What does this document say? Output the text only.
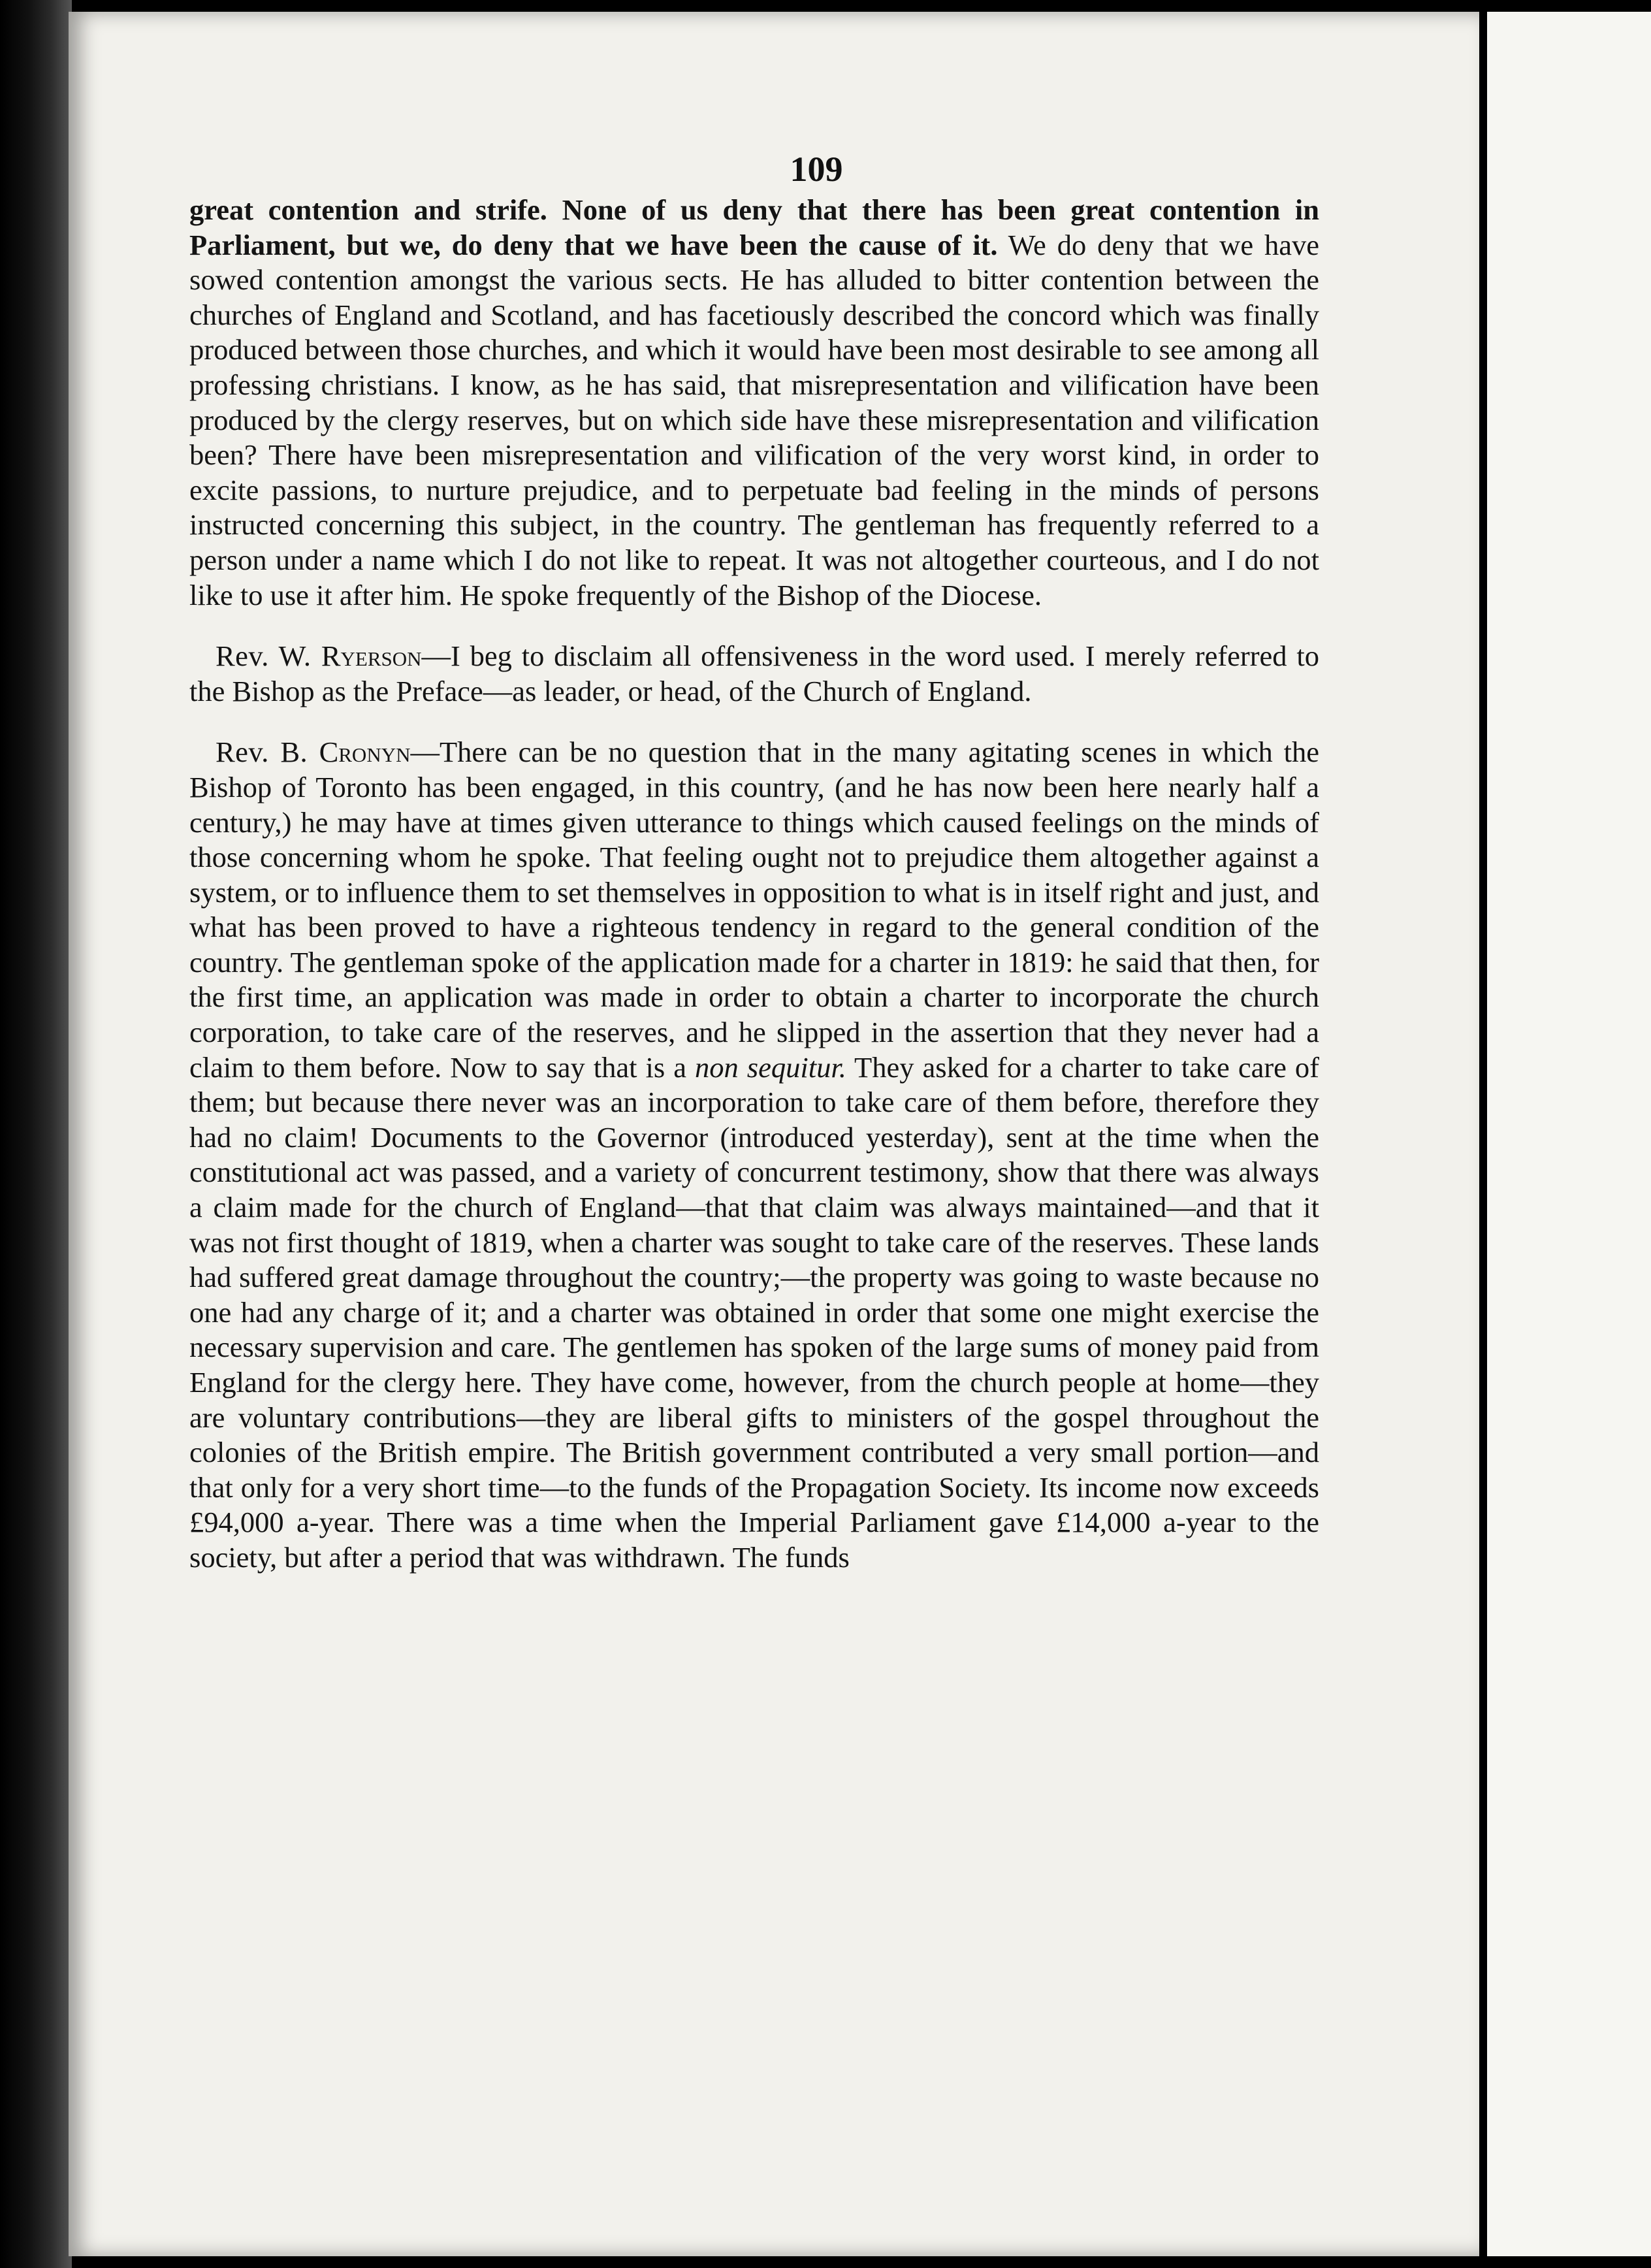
109

great contention and strife. None of us deny that there has been great contention in Parliament, but we, do deny that we have been the cause of it. We do deny that we have sowed contention amongst the various sects. He has alluded to bitter contention between the churches of England and Scotland, and has facetiously described the concord which was finally produced between those churches, and which it would have been most desirable to see among all professing christians. I know, as he has said, that misrepresentation and vilification have been produced by the clergy reserves, but on which side have these misrepresentation and vilification been? There have been misrepresentation and vilification of the very worst kind, in order to excite passions, to nurture prejudice, and to perpetuate bad feeling in the minds of persons instructed concerning this subject, in the country. The gentleman has frequently referred to a person under a name which I do not like to repeat. It was not altogether courteous, and I do not like to use it after him. He spoke frequently of the Bishop of the Diocese.

Rev. W. Ryerson—I beg to disclaim all offensiveness in the word used. I merely referred to the Bishop as the Preface—as leader, or head, of the Church of England.

Rev. B. Cronyn—There can be no question that in the many agitating scenes in which the Bishop of Toronto has been engaged, in this country, (and he has now been here nearly half a century,) he may have at times given utterance to things which caused feelings on the minds of those concerning whom he spoke. That feeling ought not to prejudice them altogether against a system, or to influence them to set themselves in opposition to what is in itself right and just, and what has been proved to have a righteous tendency in regard to the general condition of the country. The gentleman spoke of the application made for a charter in 1819: he said that then, for the first time, an application was made in order to obtain a charter to incorporate the church corporation, to take care of the reserves, and he slipped in the assertion that they never had a claim to them before. Now to say that is a non sequitur. They asked for a charter to take care of them; but because there never was an incorporation to take care of them before, therefore they had no claim! Documents to the Governor (introduced yesterday), sent at the time when the constitutional act was passed, and a variety of concurrent testimony, show that there was always a claim made for the church of England—that that claim was always maintained—and that it was not first thought of 1819, when a charter was sought to take care of the reserves. These lands had suffered great damage throughout the country;—the property was going to waste because no one had any charge of it; and a charter was obtained in order that some one might exercise the necessary supervision and care. The gentlemen has spoken of the large sums of money paid from England for the clergy here. They have come, however, from the church people at home—they are voluntary contributions—they are liberal gifts to ministers of the gospel throughout the colonies of the British empire. The British government contributed a very small portion—and that only for a very short time—to the funds of the Propagation Society. Its income now exceeds £94,000 a-year. There was a time when the Imperial Parliament gave £14,000 a-year to the society, but after a period that was withdrawn. The funds
